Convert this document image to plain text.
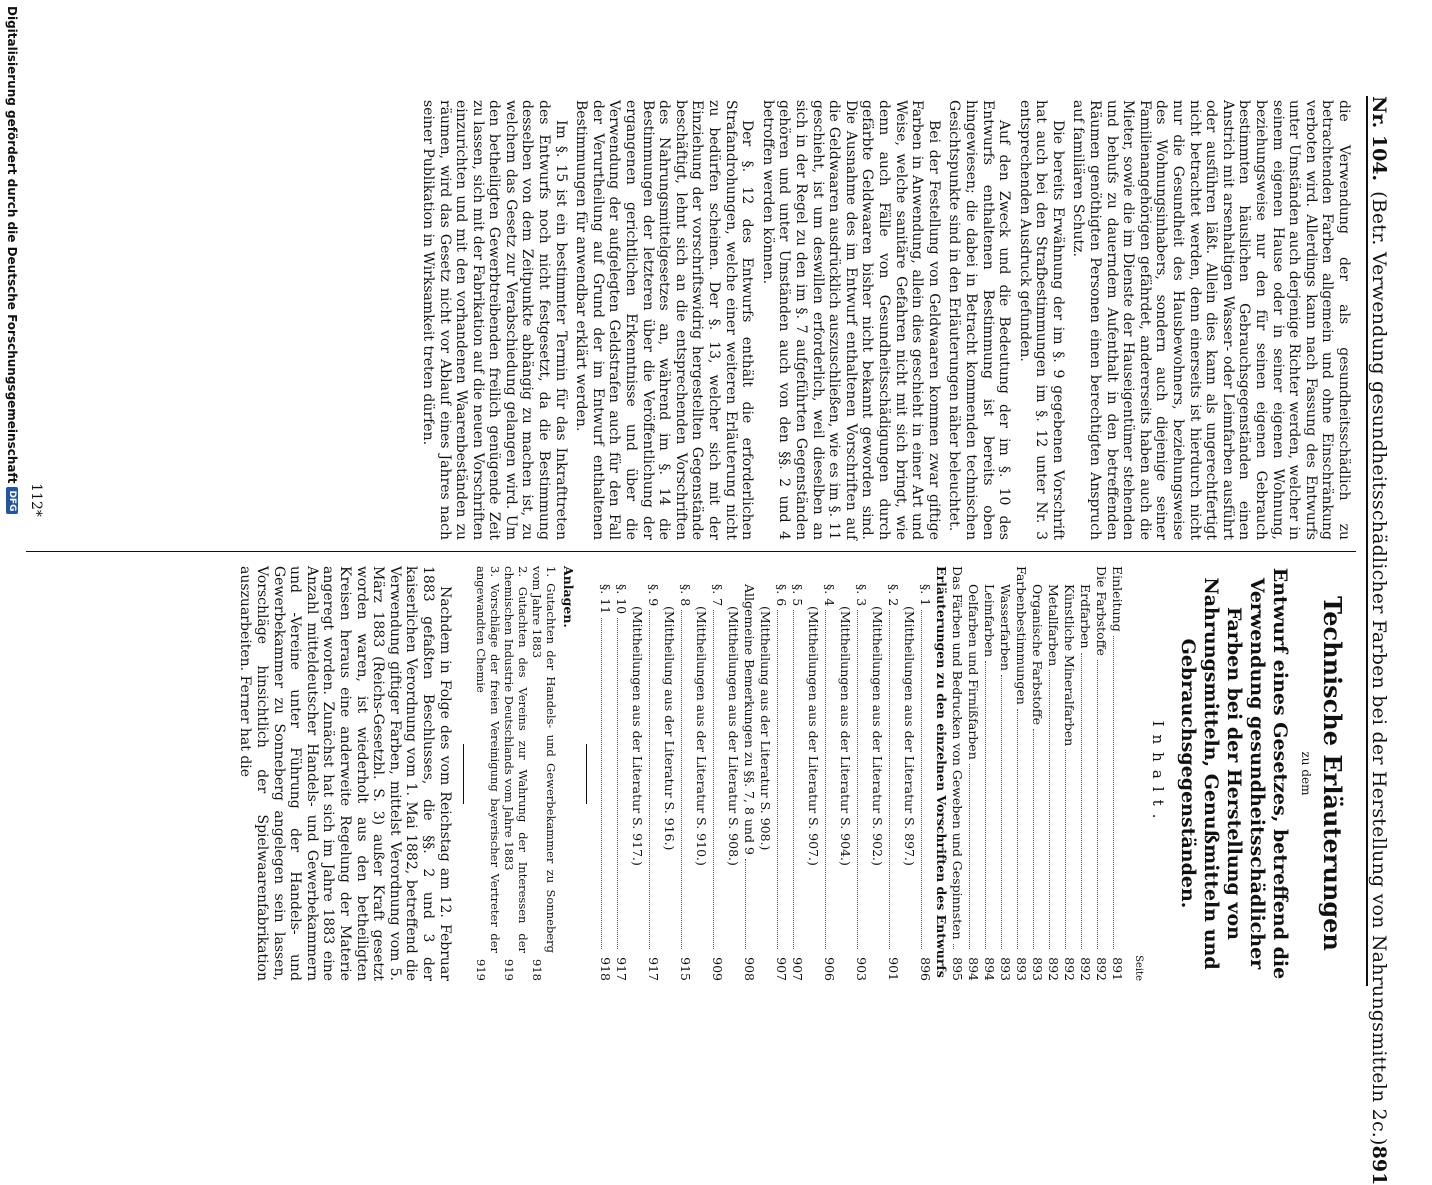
Nr. 104.
(Betr. Verwendung gesundheitsschädlicher Farben bei der Herstellung von Nahrungsmitteln 2c.)
891

die Verwendung der als gesundheitsschädlich zu betrachtenden Farben allgemein und ohne Einschränkung verboten wird. Allerdings kann nach Fassung des Entwurfs unter Umständen auch derjenige Richter werden, welcher in seinem eigenen Hause oder in seiner eigenen Wohnung, beziehungsweise nur den für seinen eigenen Gebrauch bestimmten häuslichen Gebrauchsgegenständen einen Anstrich mit arsenhaltigen Wasser- oder Leimfarben ausführt oder ausführen läßt. Allein dies kann als ungerechtfertigt nicht betrachtet werden, denn einerseits ist hierdurch nicht nur die Gesundheit des Hausbewohners, beziehungsweise des Wohnungsinhabers, sondern auch diejenige seiner Familienangehörigen gefährdet, andererseits haben auch die Mieter, sowie die im Dienste der Hauseigentümer stehenden und behufs zu dauerndem Aufenthalt in den betreffenden Räumen genöthigten Personen einen berechtigten Anspruch auf familiären Schutz.

Die bereits Erwähnung der im §. 9 gegebenen Vorschrift hat auch bei den Strafbestimmungen im §. 12 unter Nr. 3 entsprechenden Ausdruck gefunden.

Auf den Zweck und die Bedeutung der im §. 10 des Entwurfs enthaltenen Bestimmung ist bereits oben hingewiesen; die dabei in Betracht kommenden technischen Gesichtspunkte sind in den Erläuterungen näher beleuchtet.

Bei der Festellung von Geldwaaren kommen zwar giftige Farben in Anwendung, allein dies geschieht in einer Art und Weise, welche sanitäre Gefahren nicht mit sich bringt, wie denn auch Fälle von Gesundheitsschädigungen durch gefärbte Geldwaaren bisher nicht bekannt geworden sind. Die Ausnahme des im Entwurf enthaltenen Vorschriften auf die Geldwaaren ausdrücklich auszuschließen, wie es im §. 11 geschieht, ist um deswillen erforderlich, weil dieselben an sich in der Regel zu den im §. 7 aufgeführten Gegenständen gehören und unter Umständen auch von den §§. 2 und 4 betroffen werden können.

Der §. 12 des Entwurfs enthält die erforderlichen Strafandrohungen, welche einer weiteren Erläuterung nicht zu bedürfen scheinen. Der §. 13, welcher sich mit der Einziehung der vorschriftswidrig hergestellten Gegenstände beschäftigt, lehnt sich an die entsprechenden Vorschriften des Nahrungsmittelgesetzes an, während im §. 14 die Bestimmungen der letzteren über die Veröffentlichung der ergangenen gerichtlichen Erkenntnisse und über die Verwendung der aufgelegten Geldstrafen auch für den Fall der Verurtheilung auf Grund der im Entwurf enthaltenen Bestimmungen für anwendbar erklärt werden.

Im §. 15 ist ein bestimmter Termin für das Inkrafttreten des Entwurfs noch nicht festgesetzt, da die Bestimmung desselben von dem Zeitpunkte abhängig zu machen ist, zu welchem das Gesetz zur Verabschiedung gelangen wird. Um den betheiligten Gewerbtreibenden freilich genügende Zeit zu lassen, sich mit der Fabrikation auf die neuen Vorschriften einzurichten und mit den vorhandenen Waarenbeständen zu räumen, wird das Gesetz nicht vor Ablauf eines Jahres nach seiner Publikation in Wirksamkeit treten dürfen.

Technische Erläuterungen
zu dem
Entwurf eines Gesetzes, betreffend die Verwendung gesundheitsschädlicher Farben bei der Herstellung von Nahrungsmitteln, Genußmitteln und Gebrauchsgegenständen.
Inhalt.

Seite

Einleitung
891
Die Farbstoffe
892
Erdfarben
892
Künstliche Mineralfarben
892
Metallfarben
892
Organische Farbstoffe
893
Farbenbestimmungen
893
Wasserfarben
893
Leimfarben
894
Oelfarben und Firnißfarben
894
Das Färben und Bedrucken von Geweben und Gespinnsten
895
Erläuterungen zu den einzelnen Vorschriften des Entwurfs
§. 1
896
(Mittheilungen aus der Literatur S. 897.)
§. 2
901
(Mittheilungen aus der Literatur S. 902.)
§. 3
903
(Mittheilungen aus der Literatur S. 904.)
§. 4
906
(Mittheilungen aus der Literatur S. 907.)
§. 5
907
§. 6
907
(Mittheilung aus der Literatur S. 908.)
Allgemeine Bemerkungen zu §§. 7, 8 und 9
908
(Mittheilungen aus der Literatur S. 908.)
§. 7
909
(Mittheilungen aus der Literatur S. 910.)
§. 8
915
(Mittheilung aus der Literatur S. 916.)
§. 9
917
(Mittheilungen aus der Literatur S. 917.)
§. 10
917
§. 11
918
Anlagen.
1. Gutachten der Handels- und Gewerbekammer zu Sonneberg vom Jahre 1883
918
2. Gutachten des Vereins zur Wahrung der Interessen der chemischen Industrie Deutschlands vom Jahre 1883
919
3. Vorschläge der freien Vereinigung bayerischer Vertreter der angewandten Chemie
919

Nachdem in Folge des vom Reichstag am 12. Februar 1883 gefaßten Beschlusses, die §§. 2 und 3 der kaiserlichen Verordnung vom 1. Mai 1882, betreffend die Verwendung giftiger Farben, mittelst Verordnung vom 5. März 1883 (Reichs-Gesetzbl. S. 3) außer Kraft gesetzt worden waren, ist wiederholt aus den betheiligten Kreisen heraus eine anderweite Regelung der Materie angeregt worden. Zunächst hat sich im Jahre 1883 eine Anzahl mitteldeutscher Handels- und Gewerbekammern und -Vereine unter Führung der Handels- und Gewerbekammer zu Sonneberg angelegen sein lassen, Vorschläge hinsichtlich der Spielwaarenfabrikation auszuarbeiten. Ferner hat die

112*
Digitalisierung gefördert durch die Deutsche Forschungsgemeinschaft
DFG
